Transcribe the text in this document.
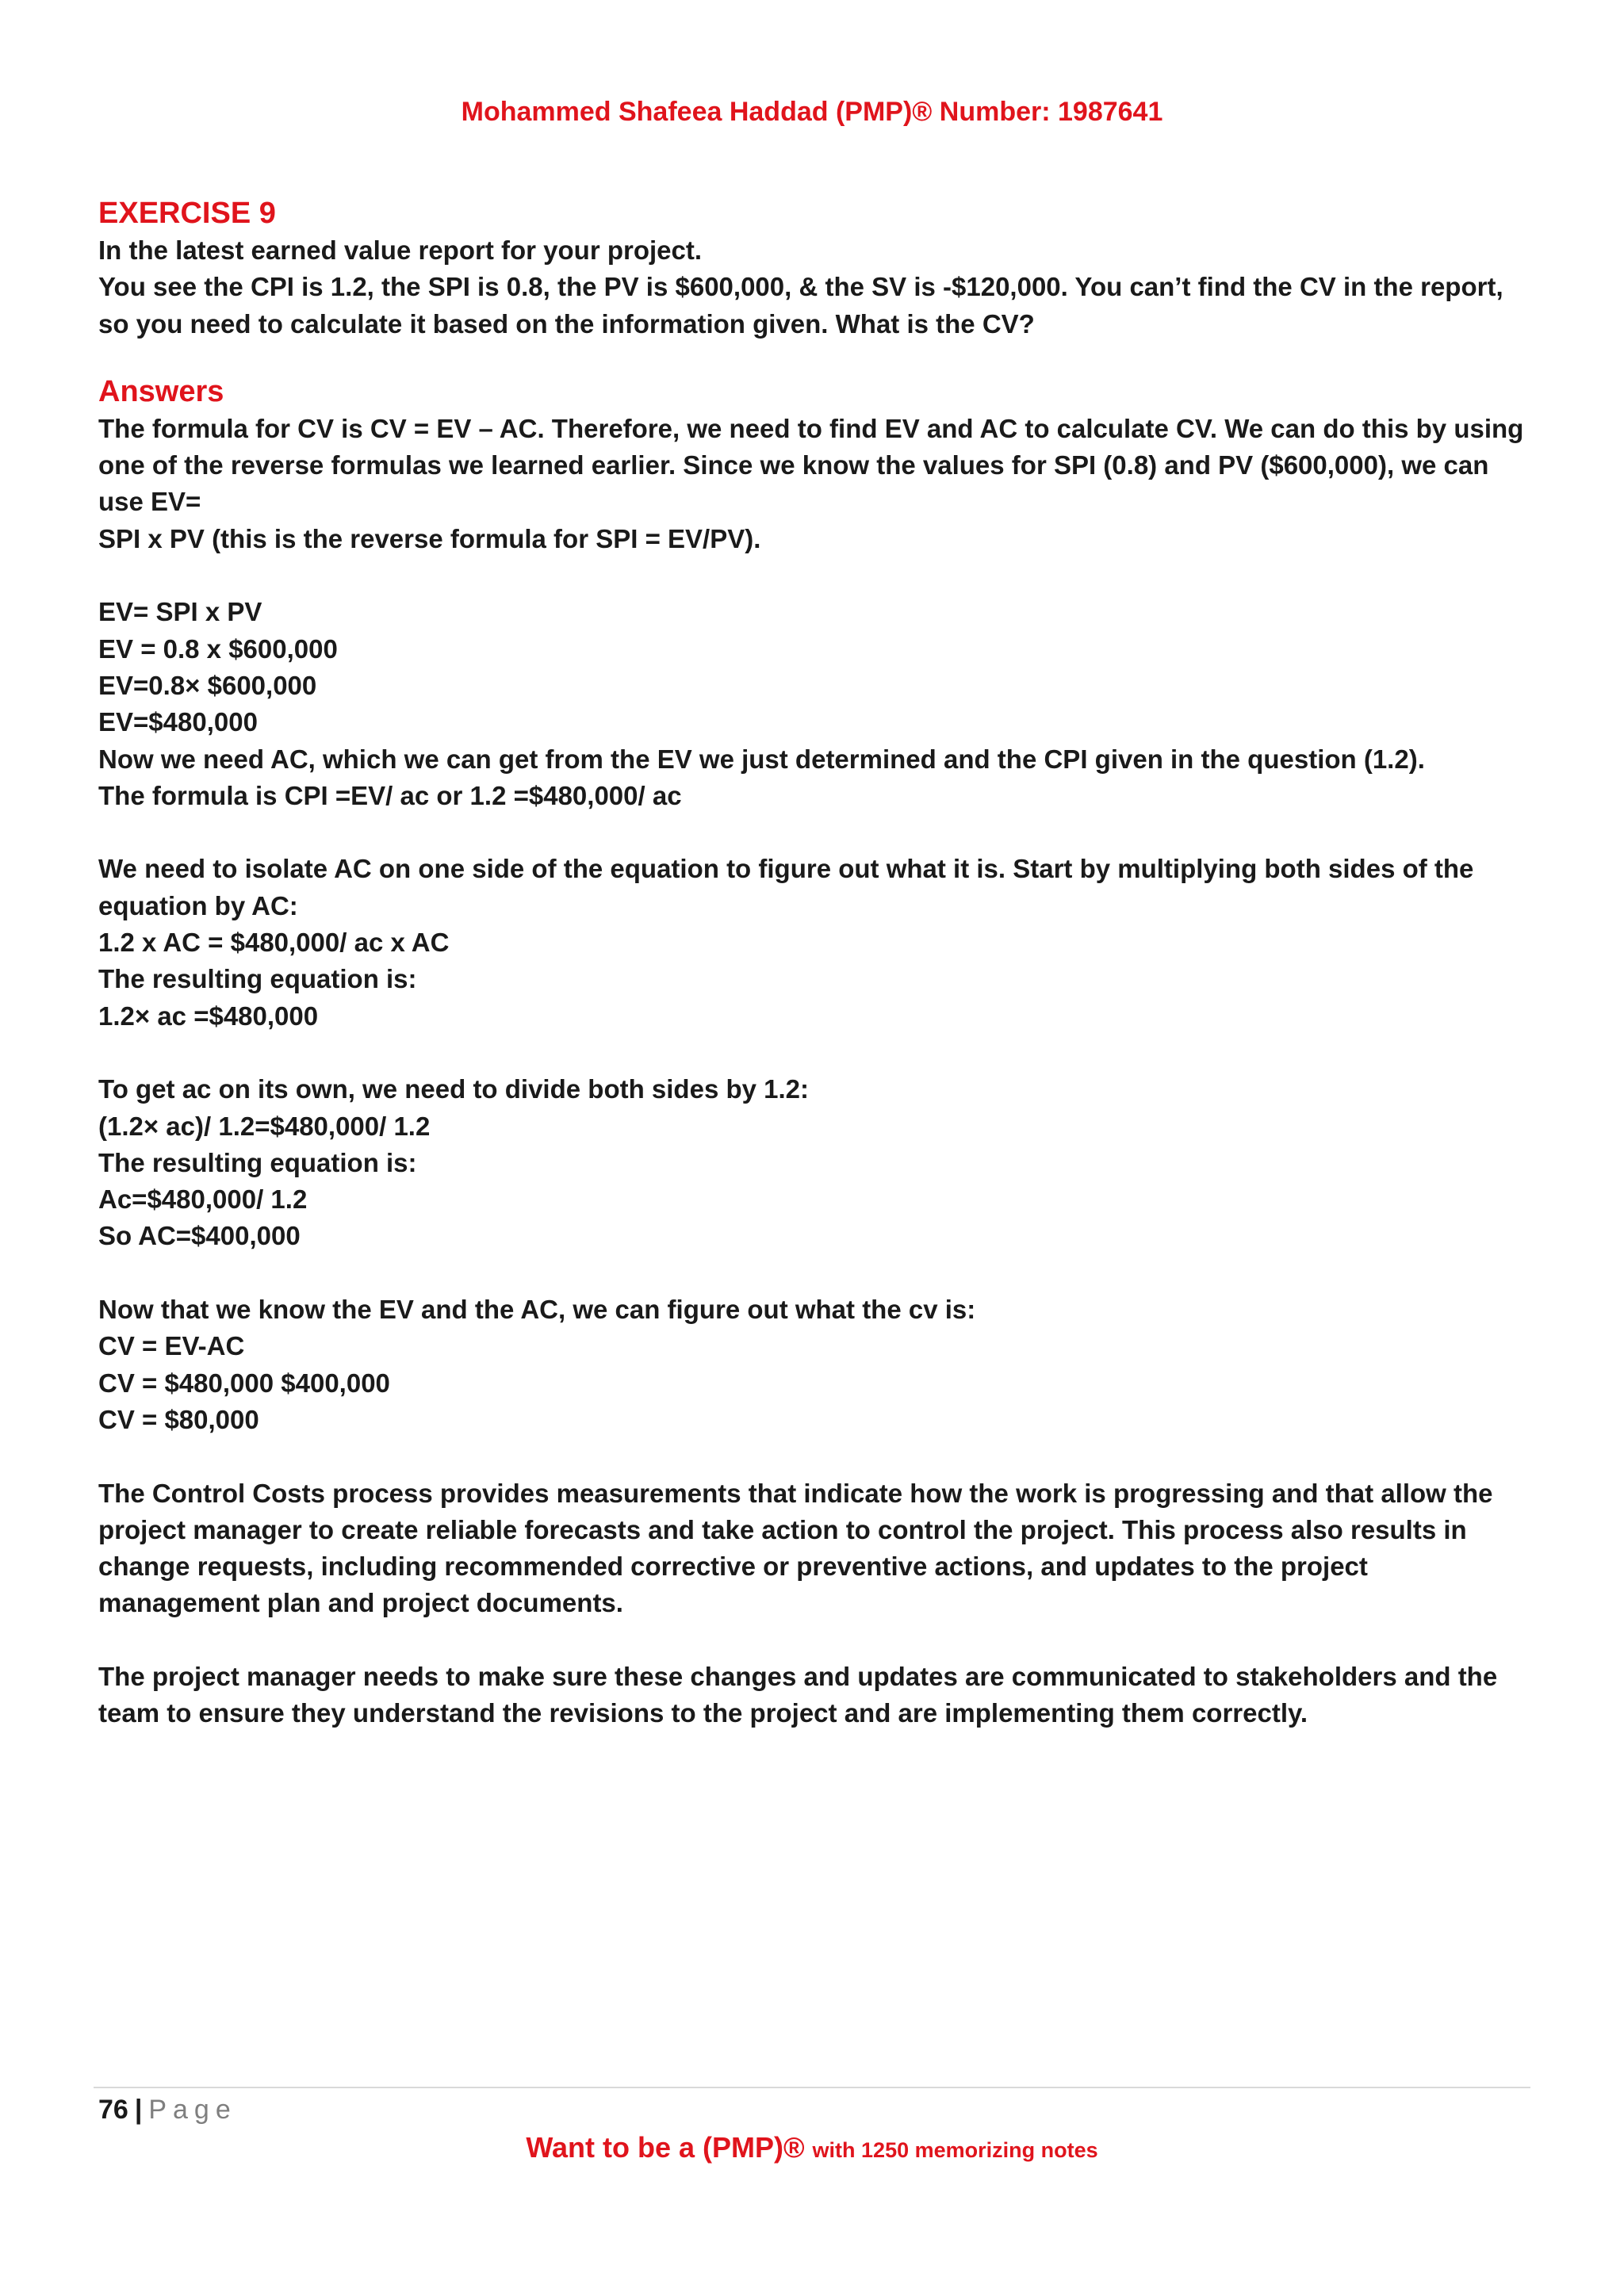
Mohammed Shafeea Haddad (PMP)® Number: 1987641
EXERCISE 9
In the latest earned value report for your project.
You see the CPI is 1.2, the SPI is 0.8, the PV is $600,000, & the SV is -$120,000. You can’t find the CV in the report,
so you need to calculate it based on the information given. What is the CV?
Answers
The formula for CV is CV = EV – AC. Therefore, we need to find EV and AC to calculate CV. We can do this by using
one of the reverse formulas we learned earlier. Since we know the values for SPI (0.8) and PV ($600,000), we can
use EV=
SPI x PV (this is the reverse formula for SPI = EV/PV).
EV= SPI x PV
EV = 0.8 x $600,000
EV=0.8× $600,000
EV=$480,000
Now we need AC, which we can get from the EV we just determined and the CPI given in the question (1.2).
The formula is CPI =EV/ ac or 1.2 =$480,000/ ac
We need to isolate AC on one side of the equation to figure out what it is. Start by multiplying both sides of the
equation by AC:
1.2 x AC = $480,000/ ac x AC
The resulting equation is:
1.2× ac =$480,000
To get ac on its own, we need to divide both sides by 1.2:
(1.2× ac)/ 1.2=$480,000/ 1.2
The resulting equation is:
Ac=$480,000/ 1.2
So AC=$400,000
Now that we know the EV and the AC, we can figure out what the cv is:
CV = EV-AC
CV = $480,000 $400,000
CV = $80,000
The Control Costs process provides measurements that indicate how the work is progressing and that allow the
project manager to create reliable forecasts and take action to control the project. This process also results in
change requests, including recommended corrective or preventive actions, and updates to the project
management plan and project documents.
The project manager needs to make sure these changes and updates are communicated to stakeholders and the
team to ensure they understand the revisions to the project and are implementing them correctly.
76 | Page
Want to be a (PMP)® with 1250 memorizing notes
